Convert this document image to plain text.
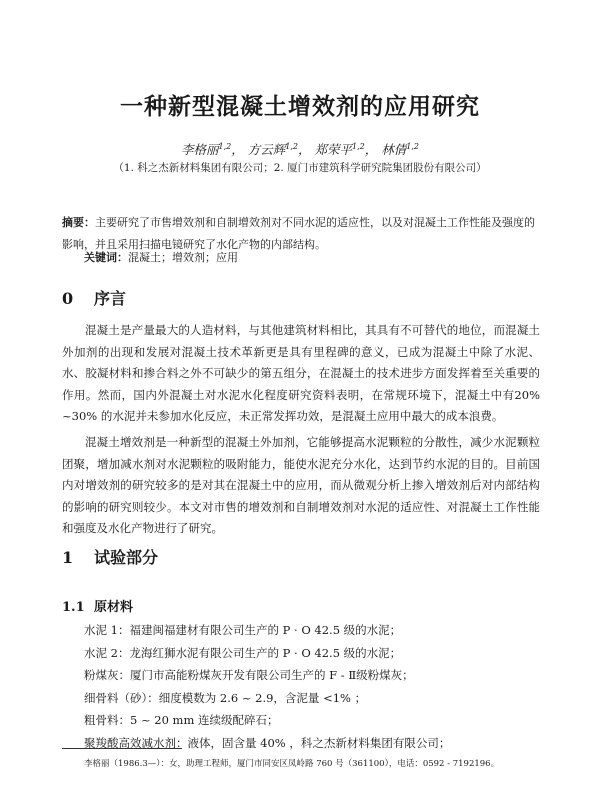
一种新型混凝土增效剂的应用研究
李格丽$^{1,2}$， 方云辉$^{1,2}$， 郑荣平$^{1,2}$， 林倩$^{1,2}$
（1. 科之杰新材料集团有限公司；2. 厦门市建筑科学研究院集团股份有限公司）
摘要：主要研究了市售增效剂和自制增效剂对不同水泥的适应性，以及对混凝土工作性能及强度的影响，并且采用扫描电镜研究了水化产物的内部结构。
关键词：混凝土；增效剂；应用
0 序言
混凝土是产量最大的人造材料，与其他建筑材料相比，其具有不可替代的地位，而混凝土外加剂的出现和发展对混凝土技术革新更是具有里程碑的意义，已成为混凝土中除了水泥、水、胶凝材料和掺合料之外不可缺少的第五组分，在混凝土的技术进步方面发挥着至关重要的作用。然而，国内外混凝土对水泥水化程度研究资料表明，在常规环境下，混凝土中有20% ~30% 的水泥并未参加水化反应，未正常发挥功效，是混凝土应用中最大的成本浪费。
混凝土增效剂是一种新型的混凝土外加剂，它能够提高水泥颗粒的分散性，减少水泥颗粒团聚，增加减水剂对水泥颗粒的吸附能力，能使水泥充分水化，达到节约水泥的目的。目前国内对增效剂的研究较多的是对其在混凝土中的应用，而从微观分析上掺入增效剂后对内部结构的影响的研究则较少。本文对市售的增效剂和自制增效剂对水泥的适应性、对混凝土工作性能和强度及水化产物进行了研究。
1 试验部分
1.1 原材料
水泥 1：福建闽福建材有限公司生产的 P · O 42.5 级的水泥；
水泥 2：龙海红狮水泥有限公司生产的 P · O 42.5 级的水泥；
粉煤灰：厦门市高能粉煤灰开发有限公司生产的 F - Ⅱ级粉煤灰；
细骨料（砂）：细度模数为 2.6 ~ 2.9，含泥量 <1% ；
粗骨料：5 ~ 20 mm 连续级配碎石；
聚羧酸高效减水剂：液体，固含量 40% ，科之杰新材料集团有限公司；
李格丽（1986.3—）：女，助理工程师，厦门市同安区凤岭路 760 号（361100），电话：0592 - 7192196。
